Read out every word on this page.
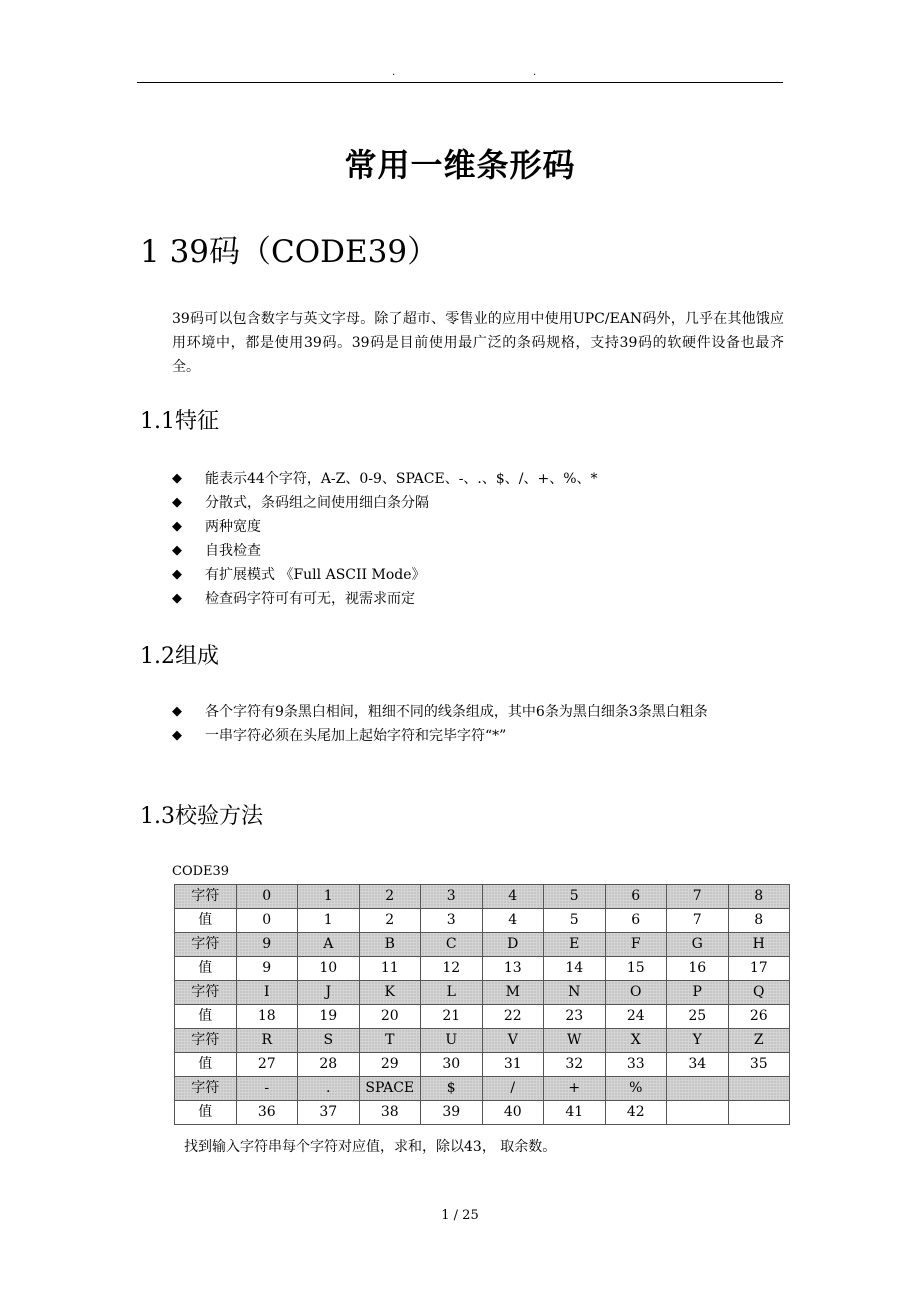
.	.
常用一维条形码
1 39码（CODE39）
39码可以包含数字与英文字母。除了超市、零售业的应用中使用UPC/EAN码外，几乎在其他饿应用环境中，都是使用39码。39码是目前使用最广泛的条码规格，支持39码的软硬件设备也最齐全。
1.1特征
◆ 能表示44个字符，A-Z、0-9、SPACE、-、.、$、/、+、%、*
◆ 分散式，条码组之间使用细白条分隔
◆ 两种宽度
◆ 自我检查
◆ 有扩展模式 《Full ASCII Mode》
◆ 检查码字符可有可无，视需求而定
1.2组成
◆ 各个字符有9条黑白相间，粗细不同的线条组成，其中6条为黑白细条3条黑白粗条
◆ 一串字符必须在头尾加上起始字符和完毕字符“*”
1.3校验方法
CODE39
字符	0	1	2	3	4	5	6	7	8
值	0	1	2	3	4	5	6	7	8
字符	9	A	B	C	D	E	F	G	H
值	9	10	11	12	13	14	15	16	17
字符	I	J	K	L	M	N	O	P	Q
值	18	19	20	21	22	23	24	25	26
字符	R	S	T	U	V	W	X	Y	Z
值	27	28	29	30	31	32	33	34	35
字符	-	.	SPACE	$	/	+	%		
值	36	37	38	39	40	41	42		
找到输入字符串每个字符对应值，求和，除以43， 取余数。
1 / 25
